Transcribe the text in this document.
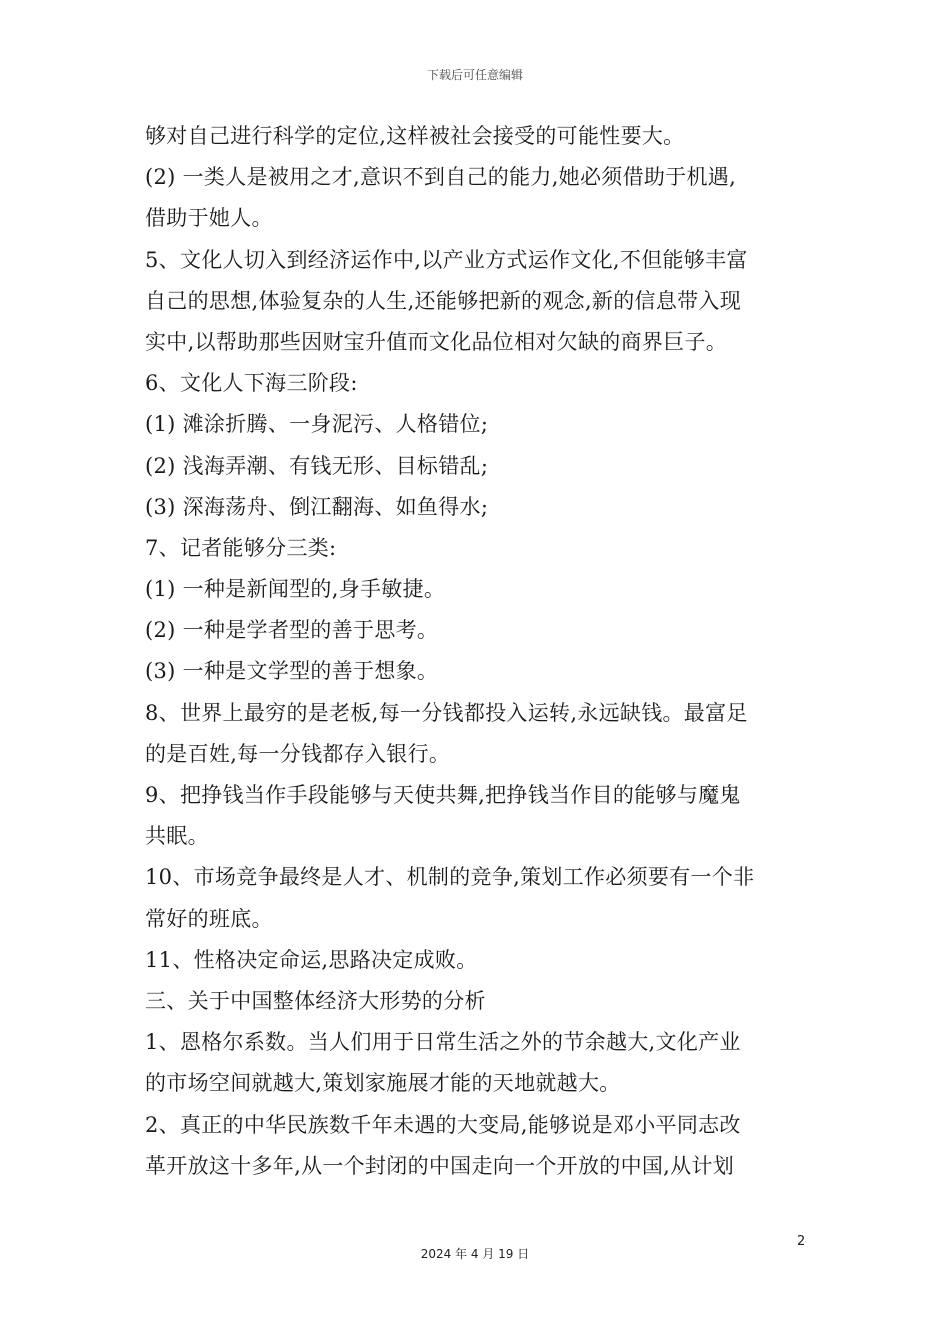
下载后可任意编辑
够对自己进行科学的定位,这样被社会接受的可能性要大。
(2) 一类人是被用之才,意识不到自己的能力,她必须借助于机遇,
借助于她人。
5、文化人切入到经济运作中,以产业方式运作文化,不但能够丰富
自己的思想,体验复杂的人生,还能够把新的观念,新的信息带入现
实中,以帮助那些因财宝升值而文化品位相对欠缺的商界巨子。
6、文化人下海三阶段:
(1) 滩涂折腾、一身泥污、人格错位;
(2) 浅海弄潮、有钱无形、目标错乱;
(3) 深海荡舟、倒江翻海、如鱼得水;
7、记者能够分三类:
(1) 一种是新闻型的,身手敏捷。
(2) 一种是学者型的善于思考。
(3) 一种是文学型的善于想象。
8、世界上最穷的是老板,每一分钱都投入运转,永远缺钱。最富足
的是百姓,每一分钱都存入银行。
9、把挣钱当作手段能够与天使共舞,把挣钱当作目的能够与魔鬼
共眠。
10、市场竞争最终是人才、机制的竞争,策划工作必须要有一个非
常好的班底。
11、性格决定命运,思路决定成败。
三、关于中国整体经济大形势的分析
1、恩格尔系数。当人们用于日常生活之外的节余越大,文化产业
的市场空间就越大,策划家施展才能的天地就越大。
2、真正的中华民族数千年未遇的大变局,能够说是邓小平同志改
革开放这十多年,从一个封闭的中国走向一个开放的中国,从计划
2
2024 年 4 月 19 日
